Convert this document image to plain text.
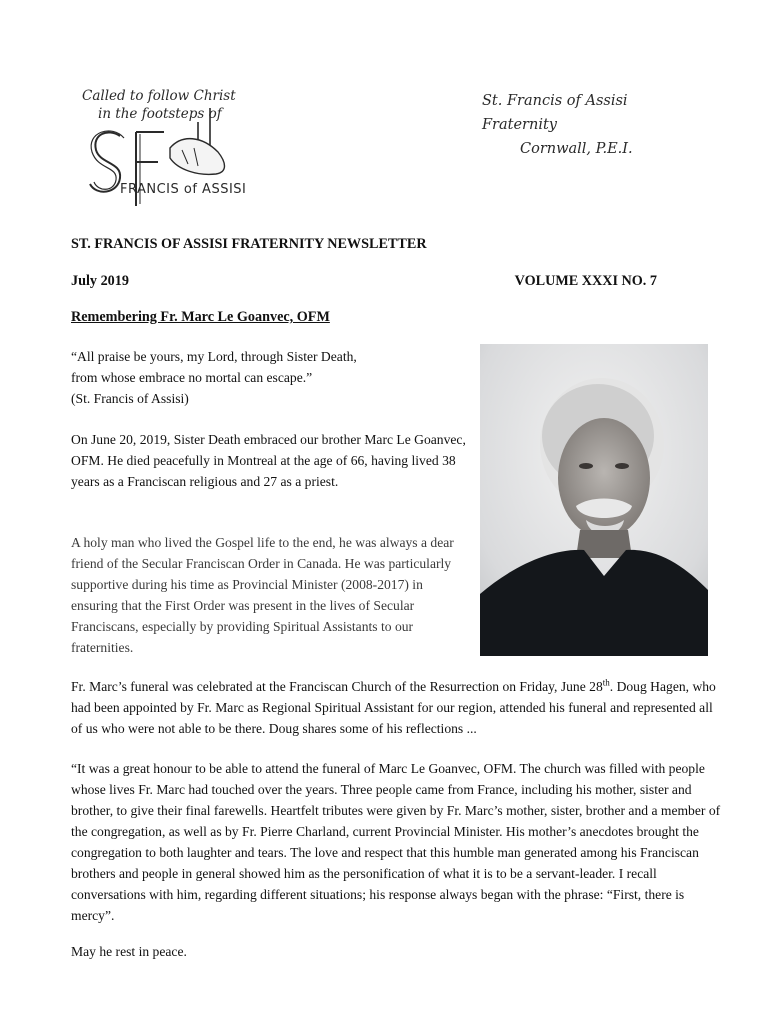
Called to follow Christ
in the footsteps of
FRANCIS of ASSISI
St. Francis of Assisi Fraternity
Cornwall, P.E.I.
ST. FRANCIS OF ASSISI FRATERNITY NEWSLETTER
July 2019	VOLUME XXXI NO. 7
Remembering Fr. Marc Le Goanvec, OFM
“All praise be yours, my Lord, through Sister Death,
from whose embrace no mortal can escape.”
(St. Francis of Assisi)
On June 20, 2019, Sister Death embraced our brother Marc Le Goanvec, OFM. He died peacefully in Montreal at the age of 66, having lived 38 years as a Franciscan religious and 27 as a priest.
A holy man who lived the Gospel life to the end, he was always a dear friend of the Secular Franciscan Order in Canada. He was particularly supportive during his time as Provincial Minister (2008-2017) in ensuring that the First Order was present in the lives of Secular Franciscans, especially by providing Spiritual Assistants to our fraternities.
Fr. Marc’s funeral was celebrated at the Franciscan Church of the Resurrection on Friday, June 28th. Doug Hagen, who had been appointed by Fr. Marc as Regional Spiritual Assistant for our region, attended his funeral and represented all of us who were not able to be there. Doug shares some of his reflections ...
“It was a great honour to be able to attend the funeral of Marc Le Goanvec, OFM. The church was filled with people whose lives Fr. Marc had touched over the years. Three people came from France, including his mother, sister and brother, to give their final farewells. Heartfelt tributes were given by Fr. Marc’s mother, sister, brother and a member of the congregation, as well as by Fr. Pierre Charland, current Provincial Minister. His mother’s anecdotes brought the congregation to both laughter and tears. The love and respect that this humble man generated among his Franciscan brothers and people in general showed him as the personification of what it is to be a servant-leader. I recall conversations with him, regarding different situations; his response always began with the phrase: “First, there is mercy”.
May he rest in peace.
